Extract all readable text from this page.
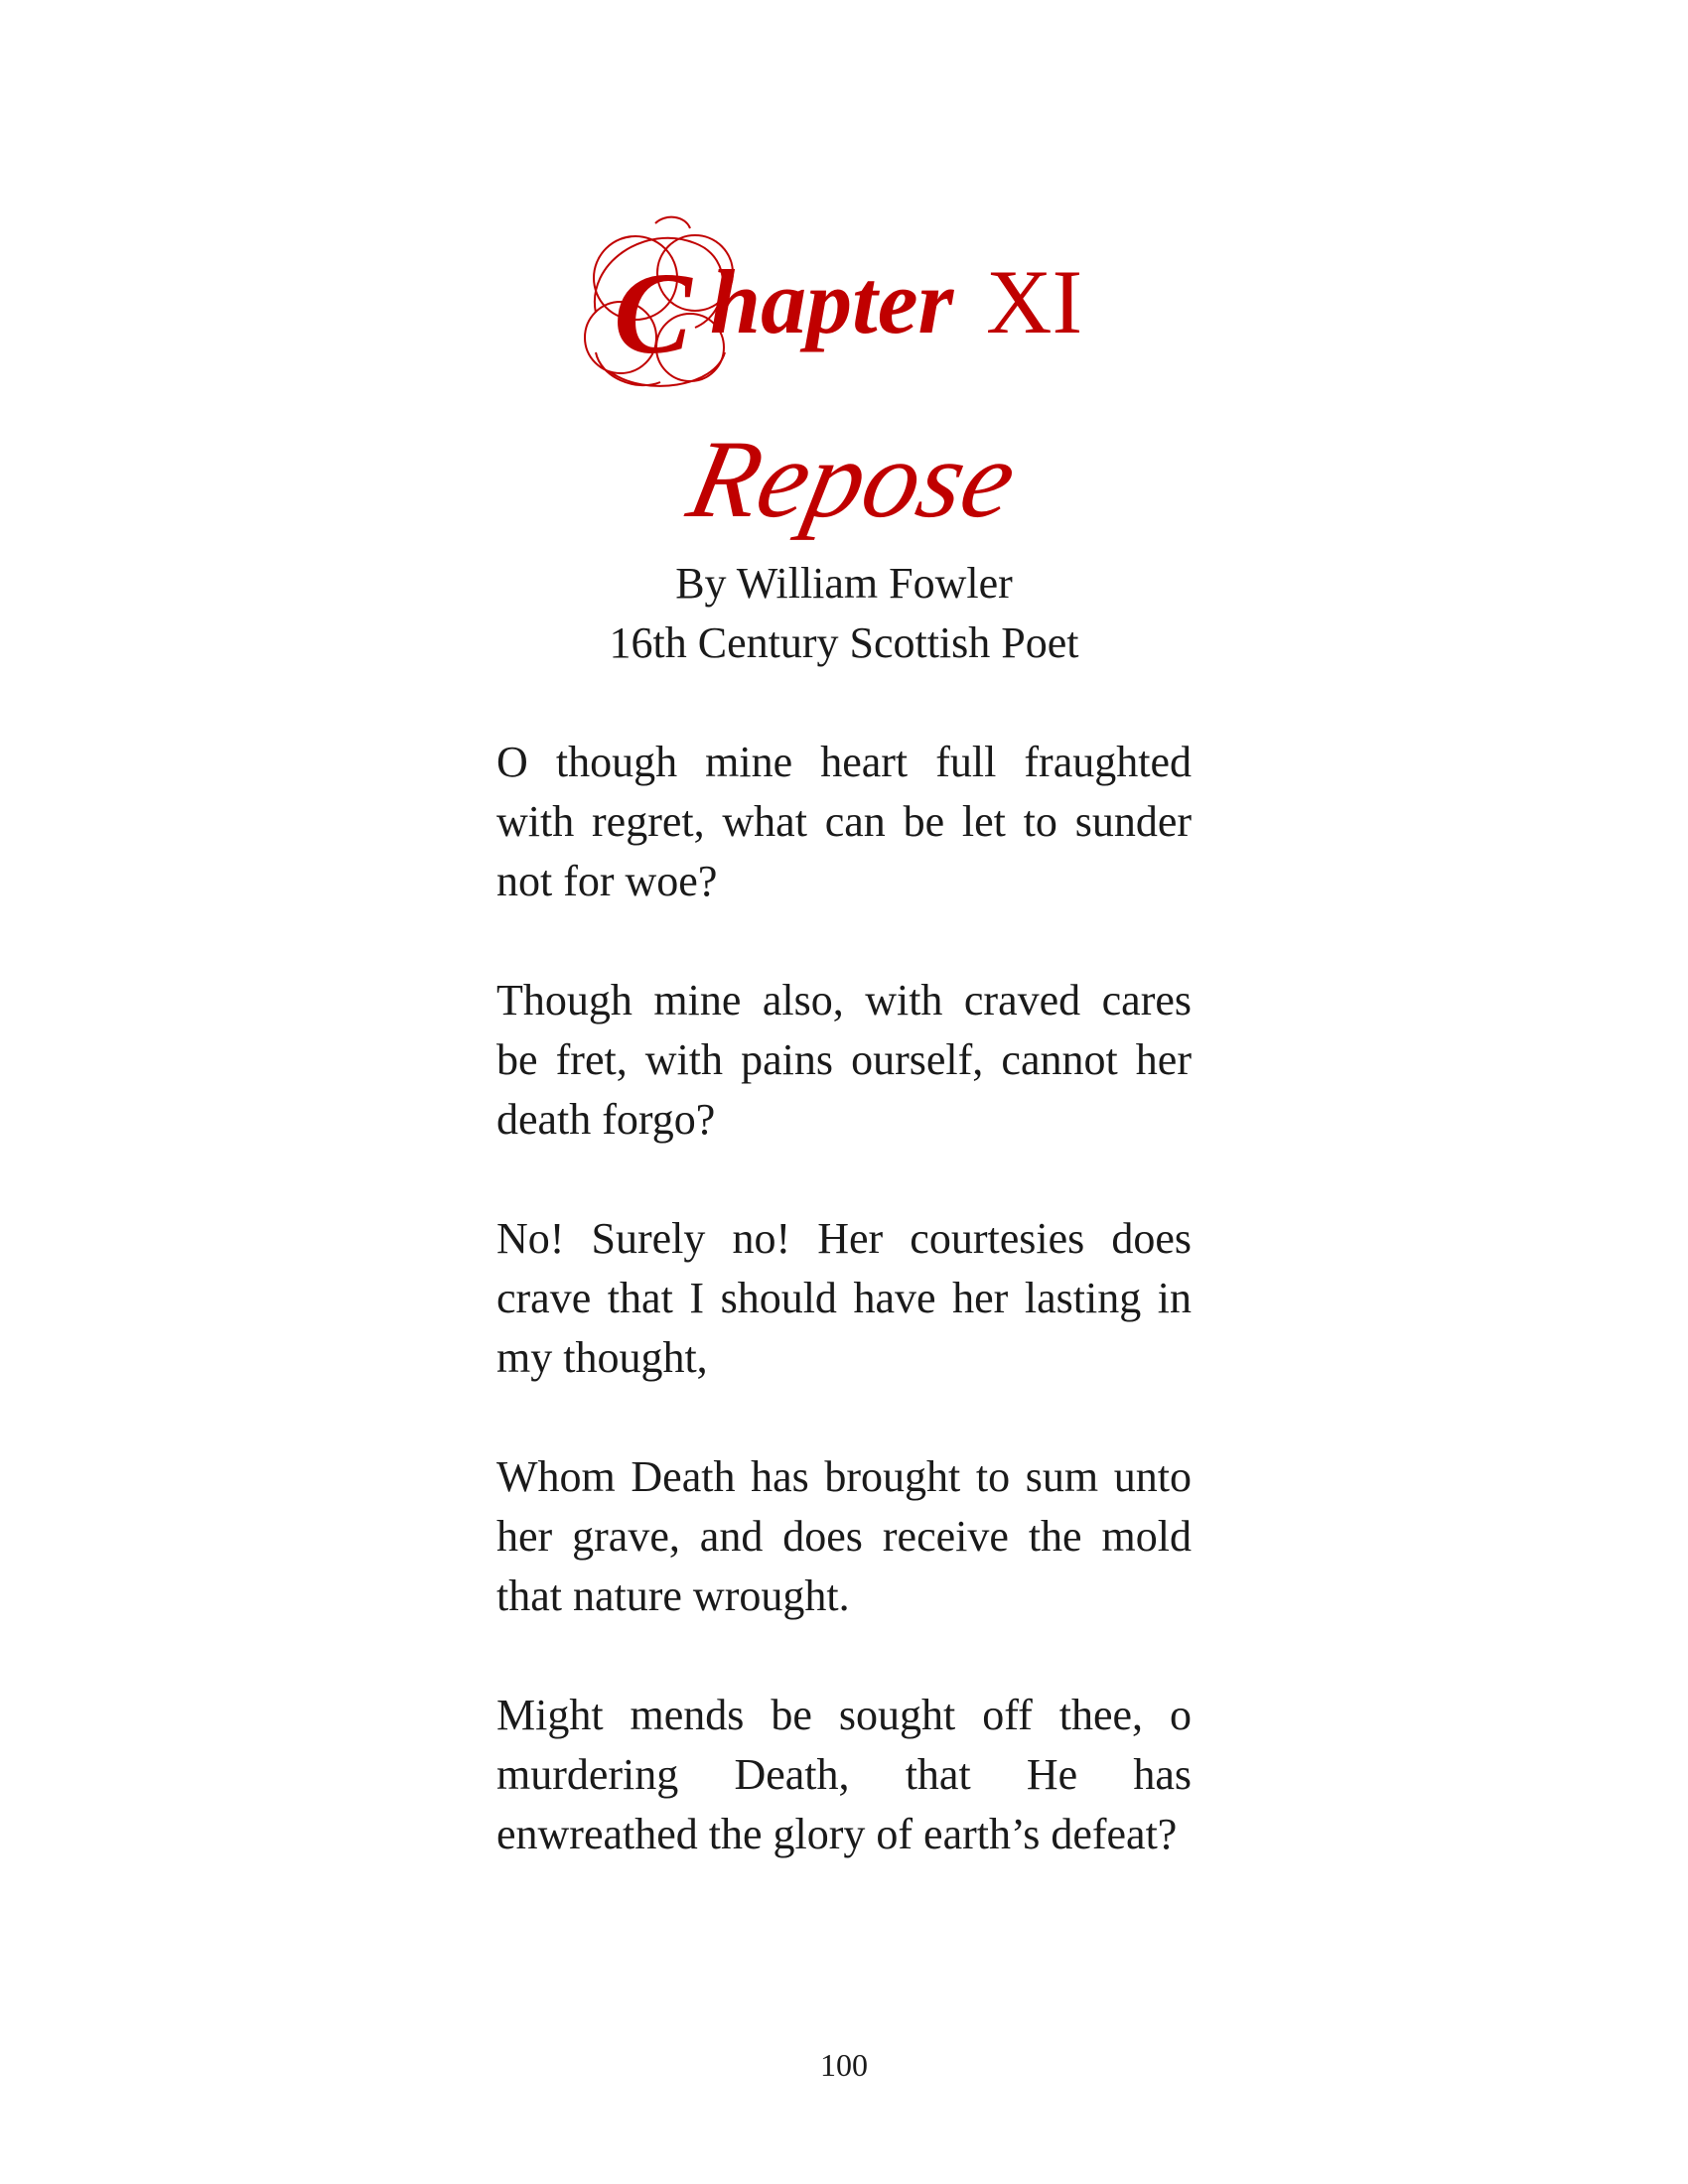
C hapter XI
Repose
By William Fowler
16th Century Scottish Poet

O though mine heart full fraughted with regret, what can be let to sunder not for woe?

Though mine also, with craved cares be fret, with pains ourself, cannot her death forgo?

No! Surely no! Her courtesies does crave that I should have her lasting in my thought,

Whom Death has brought to sum unto her grave, and does receive the mold that nature wrought.

Might mends be sought off thee, o murdering Death, that He has enwreathed the glory of earth’s defeat?

100
